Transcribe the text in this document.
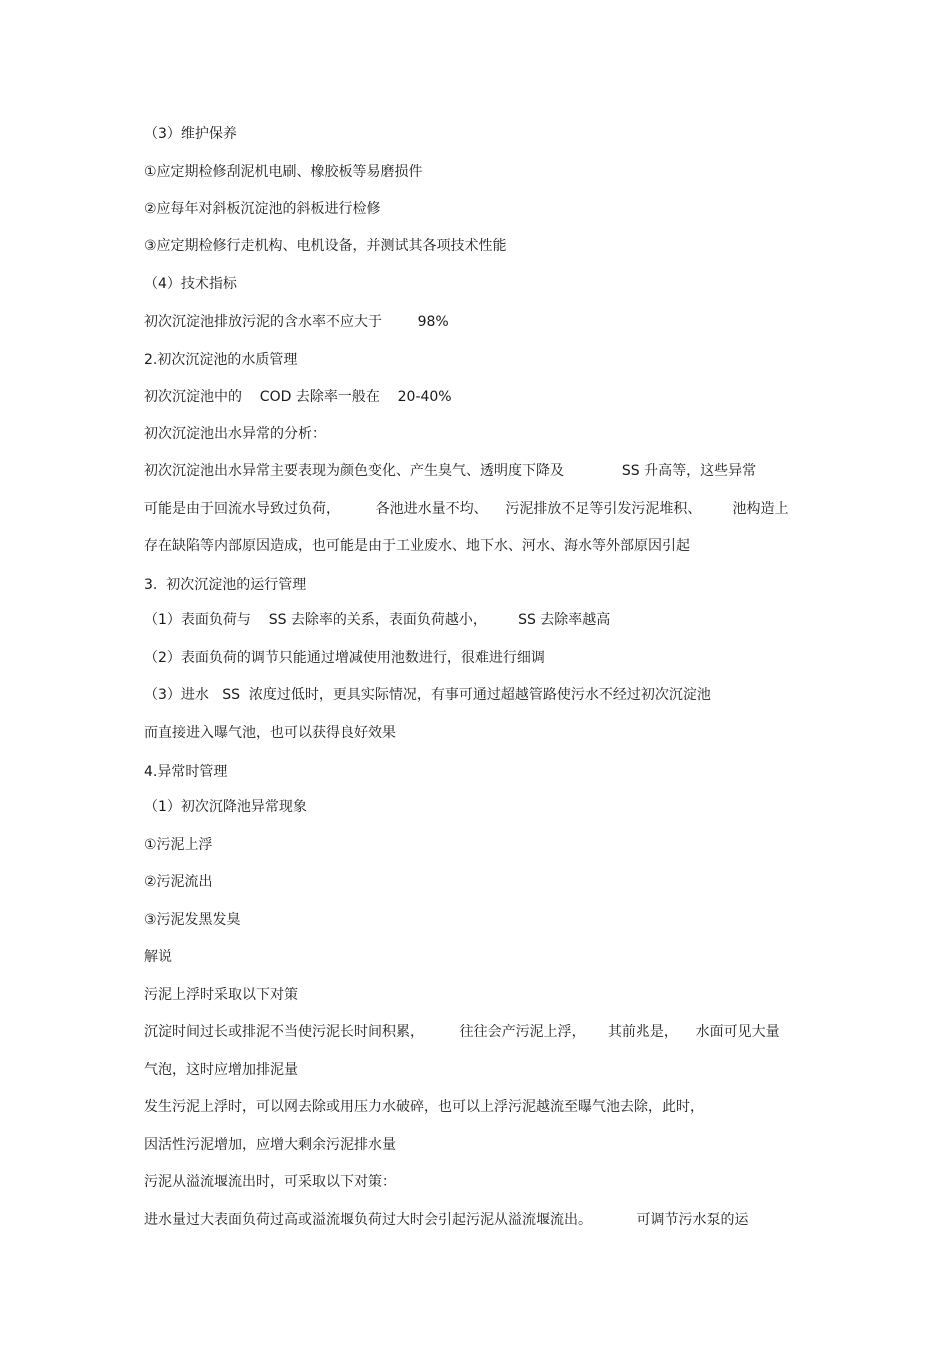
（3）维护保养

①应定期检修刮泥机电刷、橡胶板等易磨损件

②应每年对斜板沉淀池的斜板进行检修

③应定期检修行走机构、电机设备，并测试其各项技术性能

（4）技术指标

初次沉淀池排放污泥的含水率不应大于        98%

2.初次沉淀池的水质管理

初次沉淀池中的    COD 去除率一般在    20-40%

初次沉淀池出水异常的分析：

初次沉淀池出水异常主要表现为颜色变化、产生臭气、透明度下降及             SS 升高等，这些异常

可能是由于回流水导致过负荷，        各池进水量不均、    污泥排放不足等引发污泥堆积、       池构造上

存在缺陷等内部原因造成，也可能是由于工业废水、地下水、河水、海水等外部原因引起

3.  初次沉淀池的运行管理

（1）表面负荷与    SS 去除率的关系，表面负荷越小，       SS 去除率越高

（2）表面负荷的调节只能通过增减使用池数进行，很难进行细调

（3）进水   SS  浓度过低时，更具实际情况，有事可通过超越管路使污水不经过初次沉淀池

而直接进入曝气池，也可以获得良好效果

4.异常时管理

（1）初次沉降池异常现象

①污泥上浮

②污泥流出

③污泥发黑发臭

解说

污泥上浮时采取以下对策

沉淀时间过长或排泥不当使污泥长时间积累，        往往会产污泥上浮，     其前兆是，    水面可见大量

气泡，这时应增加排泥量

发生污泥上浮时，可以网去除或用压力水破碎，也可以上浮污泥越流至曝气池去除，此时，

因活性污泥增加，应增大剩余污泥排水量

污泥从溢流堰流出时，可采取以下对策：

进水量过大表面负荷过高或溢流堰负荷过大时会引起污泥从溢流堰流出。          可调节污水泵的运
